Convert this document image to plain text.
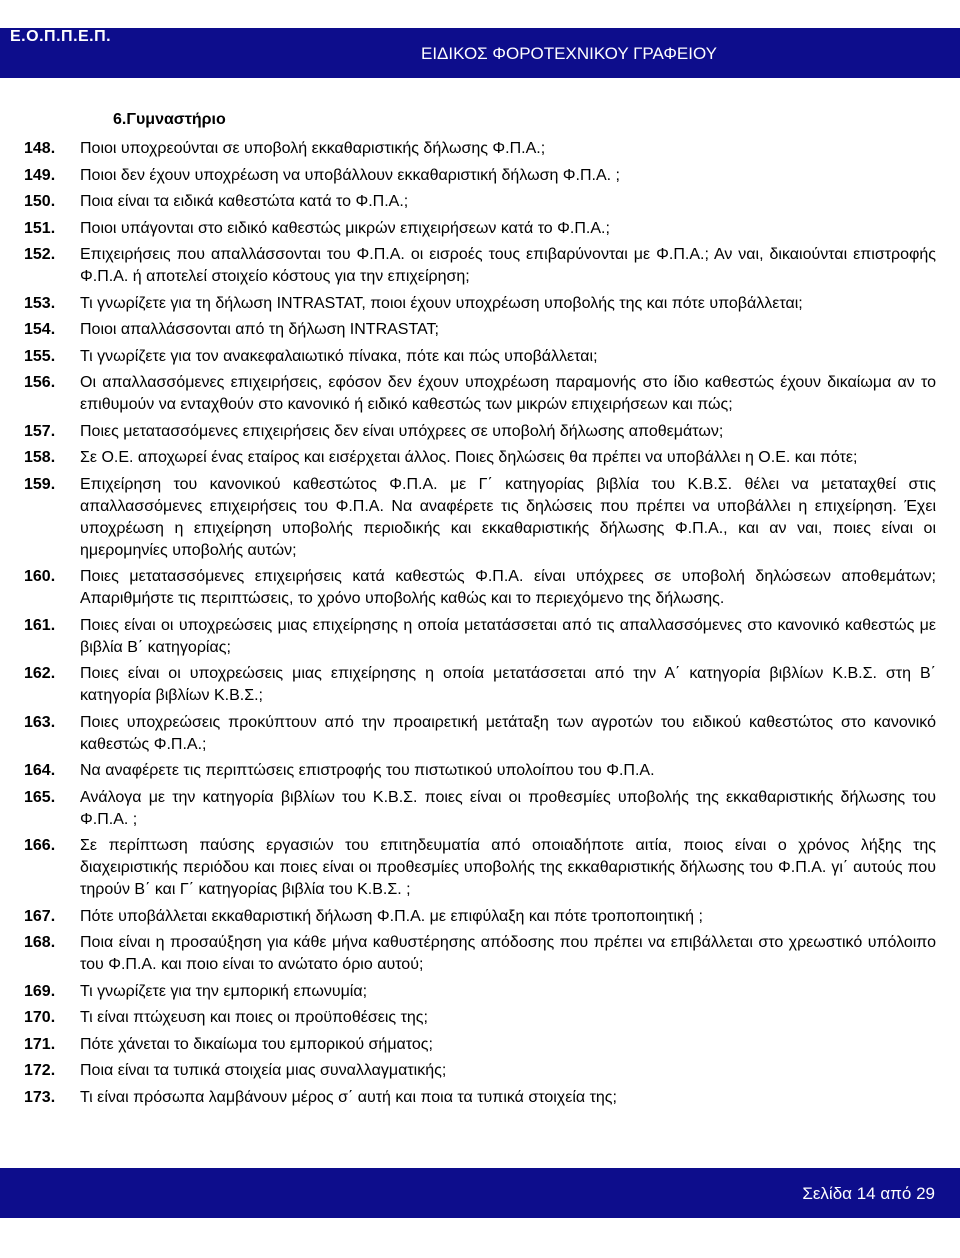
Ε.Ο.Π.Π.Ε.Π.
ΕΙΔΙΚΟΣ ΦΟΡΟΤΕΧΝΙΚΟΥ ΓΡΑΦΕΙΟΥ
6.Γυμναστήριο
148.	Ποιοι υποχρεούνται σε υποβολή εκκαθαριστικής δήλωσης Φ.Π.Α.;
149.	Ποιοι δεν έχουν υποχρέωση να υποβάλλουν εκκαθαριστική δήλωση Φ.Π.Α. ;
150.	Ποια είναι τα ειδικά καθεστώτα κατά το Φ.Π.Α.;
151.	Ποιοι υπάγονται στο ειδικό καθεστώς μικρών επιχειρήσεων κατά το Φ.Π.Α.;
152.	Επιχειρήσεις που απαλλάσσονται του Φ.Π.Α. οι εισροές τους επιβαρύνονται με Φ.Π.Α.; Αν ναι, δικαιούνται επιστροφής Φ.Π.Α. ή αποτελεί στοιχείο κόστους για την επιχείρηση;
153.	Τι γνωρίζετε για τη δήλωση INTRASTAT, ποιοι έχουν υποχρέωση υποβολής της και πότε υποβάλλεται;
154.	Ποιοι απαλλάσσονται από τη δήλωση INTRASTAT;
155.	Τι γνωρίζετε για τον ανακεφαλαιωτικό πίνακα, πότε και πώς υποβάλλεται;
156.	Οι απαλλασσόμενες επιχειρήσεις, εφόσον δεν έχουν υποχρέωση παραμονής στο ίδιο καθεστώς έχουν δικαίωμα αν το επιθυμούν να ενταχθούν στο κανονικό ή ειδικό καθεστώς των μικρών επιχειρήσεων και πώς;
157.	Ποιες μετατασσόμενες επιχειρήσεις δεν είναι υπόχρεες σε υποβολή δήλωσης αποθεμάτων;
158.	Σε Ο.Ε. αποχωρεί ένας εταίρος και εισέρχεται άλλος. Ποιες δηλώσεις θα πρέπει να υποβάλλει η Ο.Ε. και πότε;
159.	Επιχείρηση του κανονικού καθεστώτος Φ.Π.Α. με Γ΄ κατηγορίας βιβλία του Κ.Β.Σ. θέλει να μεταταχθεί στις απαλλασσόμενες επιχειρήσεις του Φ.Π.Α. Να αναφέρετε τις δηλώσεις που πρέπει να υποβάλλει η επιχείρηση. Έχει υποχρέωση η επιχείρηση υποβολής περιοδικής και εκκαθαριστικής δήλωσης Φ.Π.Α., και αν ναι, ποιες είναι οι ημερομηνίες υποβολής αυτών;
160.	Ποιες μετατασσόμενες επιχειρήσεις κατά καθεστώς Φ.Π.Α. είναι υπόχρεες σε υποβολή δηλώσεων αποθεμάτων; Απαριθμήστε τις περιπτώσεις, το χρόνο υποβολής καθώς και το περιεχόμενο της δήλωσης.
161.	Ποιες είναι οι υποχρεώσεις μιας επιχείρησης η οποία μετατάσσεται από τις απαλλασσόμενες στο κανονικό καθεστώς με βιβλία Β΄ κατηγορίας;
162.	Ποιες είναι οι υποχρεώσεις μιας επιχείρησης η οποία μετατάσσεται από την Α΄ κατηγορία βιβλίων Κ.Β.Σ. στη Β΄ κατηγορία βιβλίων Κ.Β.Σ.;
163.	Ποιες υποχρεώσεις προκύπτουν από την προαιρετική μετάταξη των αγροτών του ειδικού καθεστώτος στο κανονικό καθεστώς Φ.Π.Α.;
164.	Να αναφέρετε τις περιπτώσεις επιστροφής του πιστωτικού υπολοίπου του Φ.Π.Α.
165.	Ανάλογα με την κατηγορία βιβλίων του Κ.Β.Σ. ποιες είναι οι προθεσμίες υποβολής της εκκαθαριστικής δήλωσης του Φ.Π.Α. ;
166.	Σε περίπτωση παύσης εργασιών του επιτηδευματία από οποιαδήποτε αιτία, ποιος είναι ο χρόνος λήξης της διαχειριστικής περιόδου και ποιες είναι οι προθεσμίες υποβολής της εκκαθαριστικής δήλωσης του Φ.Π.Α. γι΄ αυτούς που τηρούν Β΄ και Γ΄ κατηγορίας βιβλία του Κ.Β.Σ. ;
167.	Πότε υποβάλλεται εκκαθαριστική δήλωση Φ.Π.Α. με επιφύλαξη και πότε τροποποιητική ;
168.	Ποια είναι η προσαύξηση για κάθε μήνα καθυστέρησης απόδοσης που πρέπει να επιβάλλεται στο χρεωστικό υπόλοιπο του Φ.Π.Α. και ποιο είναι το ανώτατο όριο αυτού;
169.	Τι γνωρίζετε για την εμπορική επωνυμία;
170.	Τι είναι πτώχευση και ποιες οι προϋποθέσεις της;
171.	Πότε χάνεται το δικαίωμα του εμπορικού σήματος;
172.	Ποια είναι τα τυπικά στοιχεία μιας συναλλαγματικής;
173.	Τι είναι πρόσωπα λαμβάνουν μέρος σ΄ αυτή και ποια τα τυπικά στοιχεία της;
Σελίδα 14 από 29
